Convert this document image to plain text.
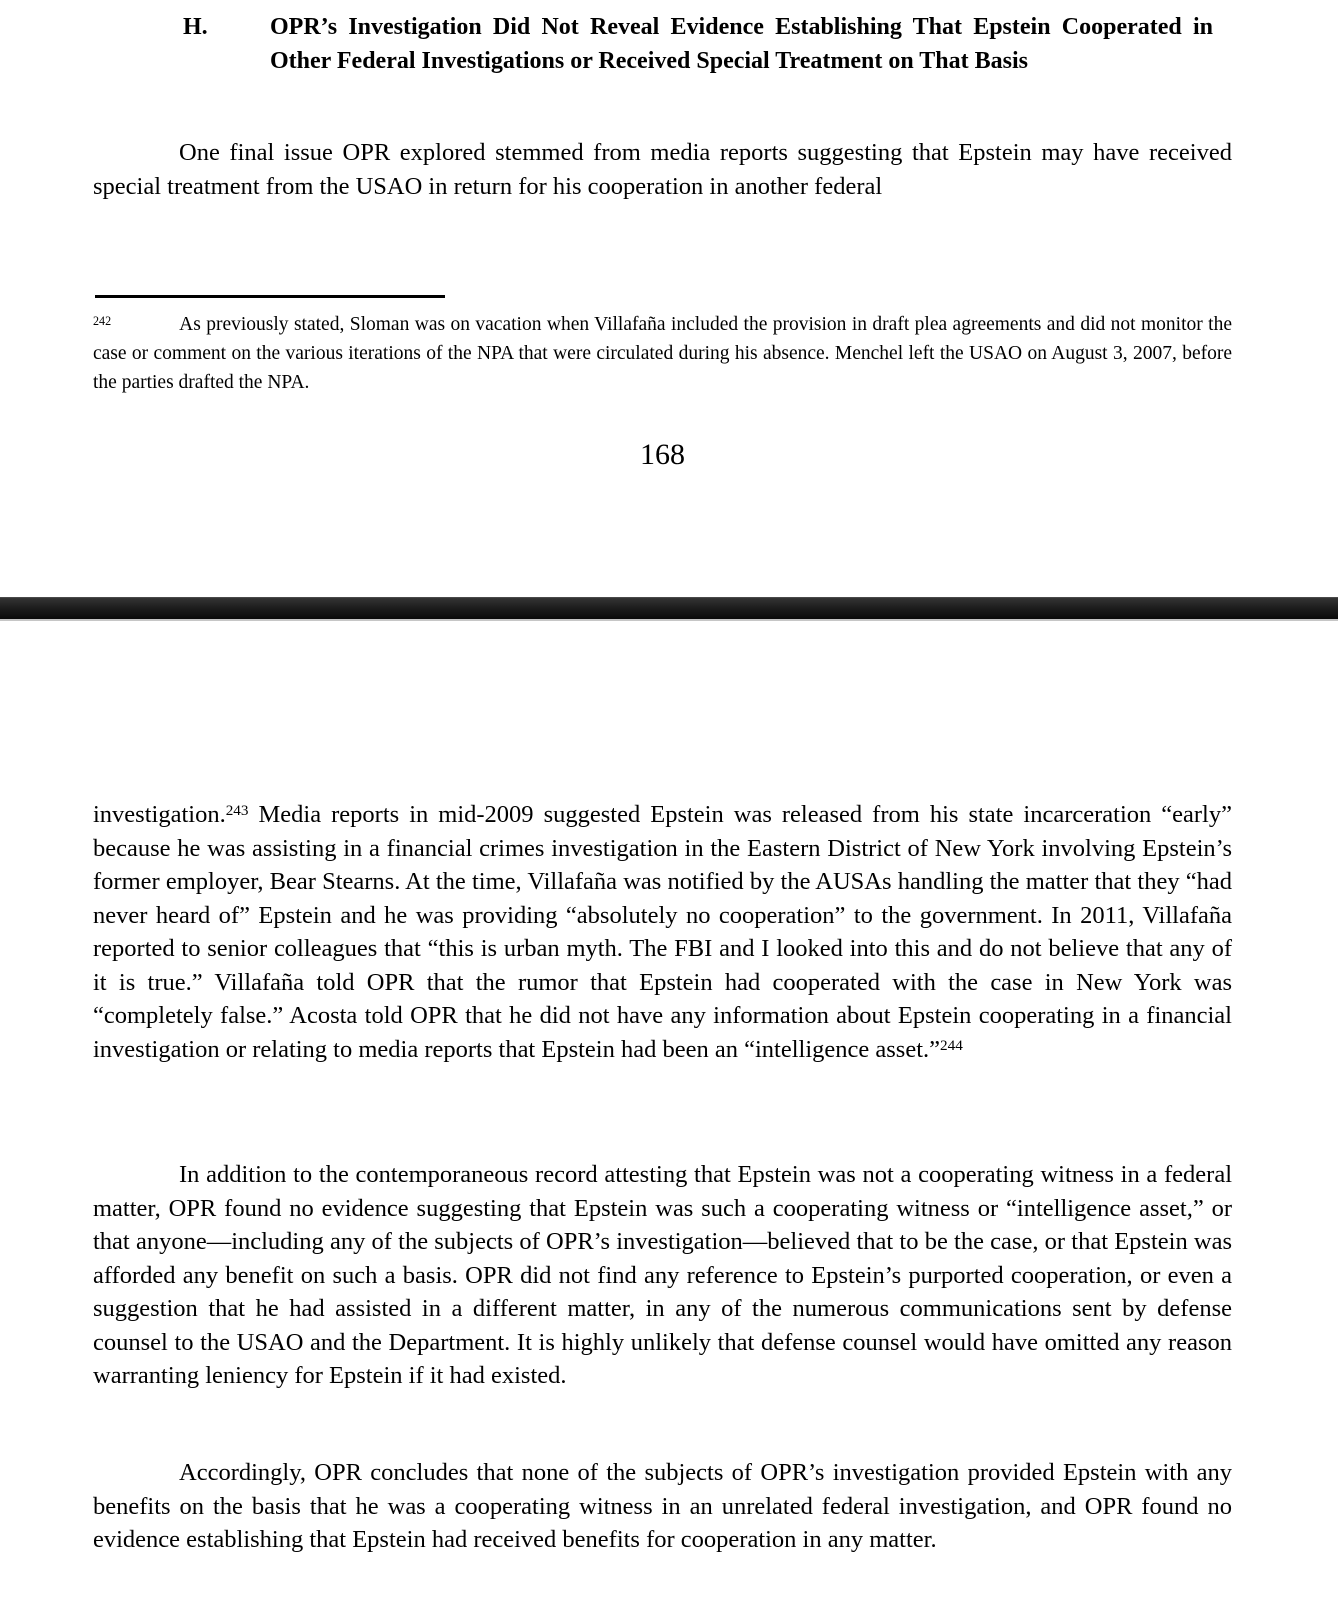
H.	OPR’s Investigation Did Not Reveal Evidence Establishing That Epstein Cooperated in Other Federal Investigations or Received Special Treatment on That Basis

One final issue OPR explored stemmed from media reports suggesting that Epstein may have received special treatment from the USAO in return for his cooperation in another federal

$^{242}$	As previously stated, Sloman was on vacation when Villafaña included the provision in draft plea agreements and did not monitor the case or comment on the various iterations of the NPA that were circulated during his absence. Menchel left the USAO on August 3, 2007, before the parties drafted the NPA.
168

investigation.$^{243}$ Media reports in mid-2009 suggested Epstein was released from his state incarceration “early” because he was assisting in a financial crimes investigation in the Eastern District of New York involving Epstein’s former employer, Bear Stearns. At the time, Villafaña was notified by the AUSAs handling the matter that they “had never heard of” Epstein and he was providing “absolutely no cooperation” to the government. In 2011, Villafaña reported to senior colleagues that “this is urban myth. The FBI and I looked into this and do not believe that any of it is true.” Villafaña told OPR that the rumor that Epstein had cooperated with the case in New York was “completely false.” Acosta told OPR that he did not have any information about Epstein cooperating in a financial investigation or relating to media reports that Epstein had been an “intelligence asset.”$^{244}$

In addition to the contemporaneous record attesting that Epstein was not a cooperating witness in a federal matter, OPR found no evidence suggesting that Epstein was such a cooperating witness or “intelligence asset,” or that anyone—including any of the subjects of OPR’s investigation—believed that to be the case, or that Epstein was afforded any benefit on such a basis. OPR did not find any reference to Epstein’s purported cooperation, or even a suggestion that he had assisted in a different matter, in any of the numerous communications sent by defense counsel to the USAO and the Department. It is highly unlikely that defense counsel would have omitted any reason warranting leniency for Epstein if it had existed.

Accordingly, OPR concludes that none of the subjects of OPR’s investigation provided Epstein with any benefits on the basis that he was a cooperating witness in an unrelated federal investigation, and OPR found no evidence establishing that Epstein had received benefits for cooperation in any matter.
